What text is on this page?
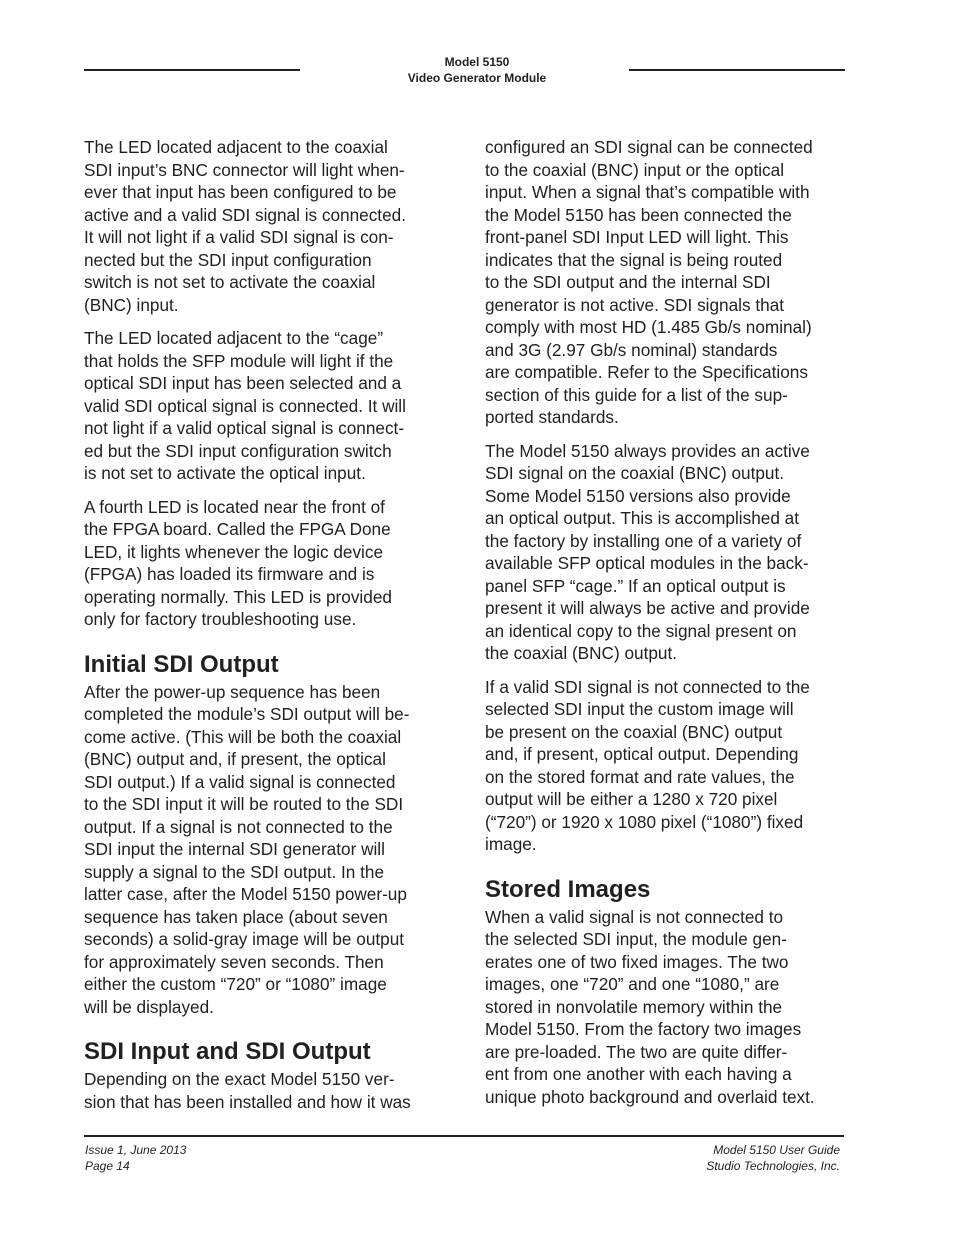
Model 5150
Video Generator Module

The LED located adjacent to the coaxial
SDI input’s BNC connector will light when-
ever that input has been configured to be
active and a valid SDI signal is connected.
It will not light if a valid SDI signal is con-
nected but the SDI input configuration
switch is not set to activate the coaxial
(BNC) input.

The LED located adjacent to the “cage”
that holds the SFP module will light if the
optical SDI input has been selected and a
valid SDI optical signal is connected. It will
not light if a valid optical signal is connect-
ed but the SDI input configuration switch
is not set to activate the optical input.

A fourth LED is located near the front of
the FPGA board. Called the FPGA Done
LED, it lights whenever the logic device
(FPGA) has loaded its firmware and is
operating normally. This LED is provided
only for factory troubleshooting use.

Initial SDI Output

After the power-up sequence has been
completed the module’s SDI output will be-
come active. (This will be both the coaxial
(BNC) output and, if present, the optical
SDI output.) If a valid signal is connected
to the SDI input it will be routed to the SDI
output. If a signal is not connected to the
SDI input the internal SDI generator will
supply a signal to the SDI output. In the
latter case, after the Model 5150 power-up
sequence has taken place (about seven
seconds) a solid-gray image will be output
for approximately seven seconds. Then
either the custom “720” or “1080” image
will be displayed.

SDI Input and SDI Output

Depending on the exact Model 5150 ver-
sion that has been installed and how it was

configured an SDI signal can be connected
to the coaxial (BNC) input or the optical
input. When a signal that’s compatible with
the Model 5150 has been connected the
front-panel SDI Input LED will light. This
indicates that the signal is being routed
to the SDI output and the internal SDI
generator is not active. SDI signals that
comply with most HD (1.485 Gb/s nominal)
and 3G (2.97 Gb/s nominal) standards
are compatible. Refer to the Specifications
section of this guide for a list of the sup-
ported standards.

The Model 5150 always provides an active
SDI signal on the coaxial (BNC) output.
Some Model 5150 versions also provide
an optical output. This is accomplished at
the factory by installing one of a variety of
available SFP optical modules in the back-
panel SFP “cage.” If an optical output is
present it will always be active and provide
an identical copy to the signal present on
the coaxial (BNC) output.

If a valid SDI signal is not connected to the
selected SDI input the custom image will
be present on the coaxial (BNC) output
and, if present, optical output. Depending
on the stored format and rate values, the
output will be either a 1280 x 720 pixel
(“720”) or 1920 x 1080 pixel (“1080”) fixed
image.

Stored Images

When a valid signal is not connected to
the selected SDI input, the module gen-
erates one of two fixed images. The two
images, one “720” and one “1080,” are
stored in nonvolatile memory within the
Model 5150. From the factory two images
are pre-loaded. The two are quite differ-
ent from one another with each having a
unique photo background and overlaid text.

Issue 1, June 2013
Page 14
Model 5150 User Guide
Studio Technologies, Inc.
